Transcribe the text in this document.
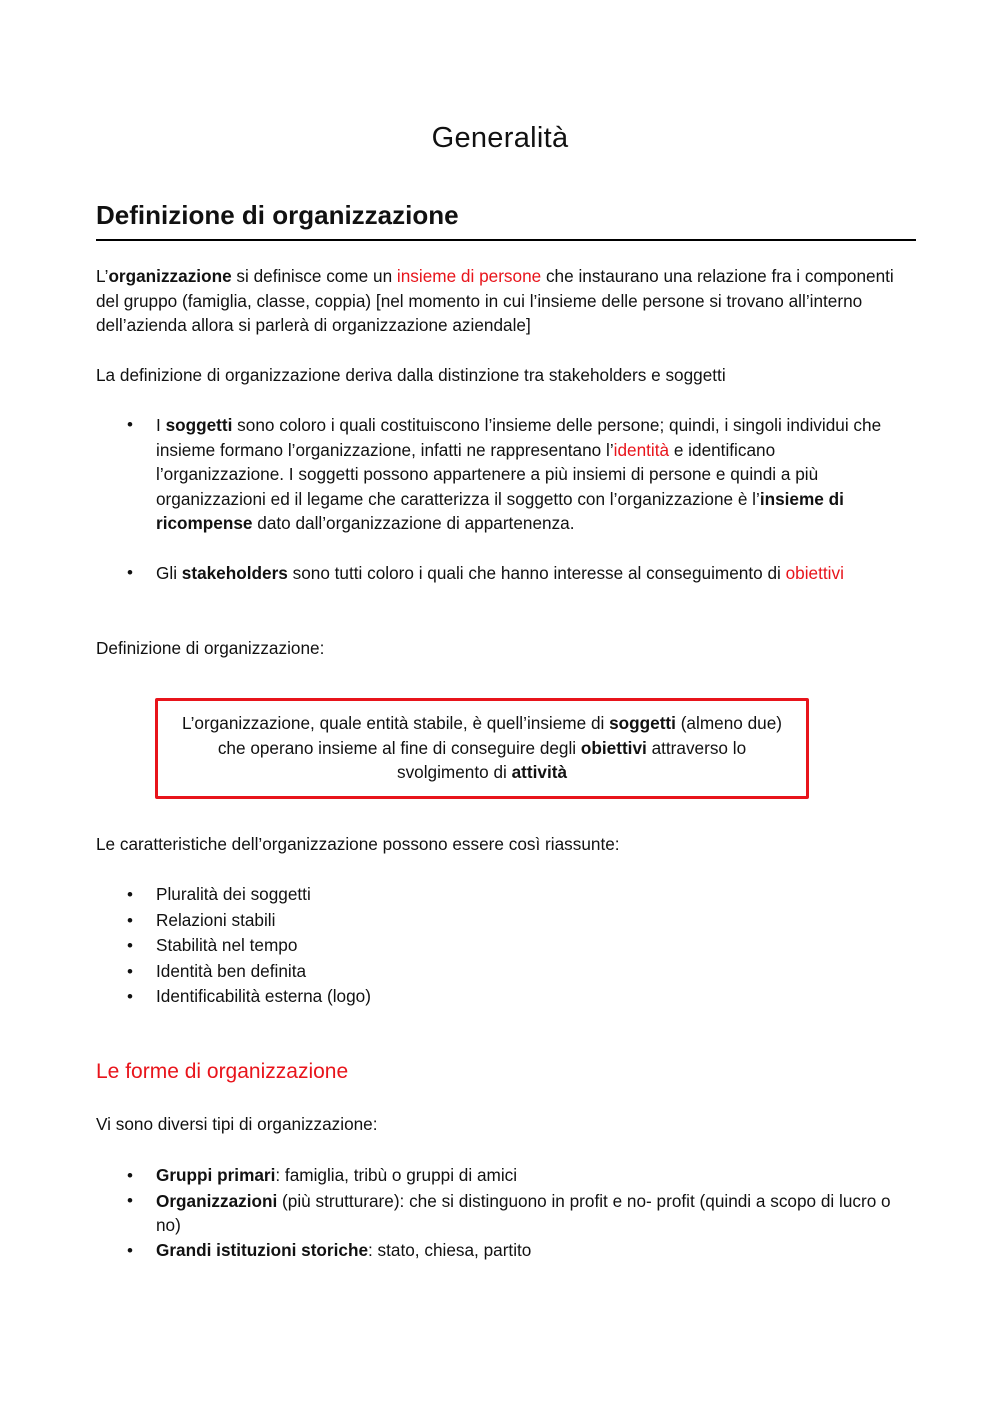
Generalità
Definizione di organizzazione

L’organizzazione si definisce come un insieme di persone che instaurano una relazione fra i componenti del gruppo (famiglia, classe, coppia) [nel momento in cui l’insieme delle persone si trovano all’interno dell’azienda allora si parlerà di organizzazione aziendale]

La definizione di organizzazione deriva dalla distinzione tra stakeholders e soggetti

• I soggetti sono coloro i quali costituiscono l’insieme delle persone; quindi, i singoli individui che insieme formano l’organizzazione, infatti ne rappresentano l’identità e identificano l’organizzazione. I soggetti possono appartenere a più insiemi di persone e quindi a più organizzazioni ed il legame che caratterizza il soggetto con l’organizzazione è l’insieme di ricompense dato dall’organizzazione di appartenenza.
• Gli stakeholders sono tutti coloro i quali che hanno interesse al conseguimento di obiettivi

Definizione di organizzazione:

L’organizzazione, quale entità stabile, è quell’insieme di soggetti (almeno due) che operano insieme al fine di conseguire degli obiettivi attraverso lo svolgimento di attività

Le caratteristiche dell’organizzazione possono essere così riassunte:

• Pluralità dei soggetti
• Relazioni stabili
• Stabilità nel tempo
• Identità ben definita
• Identificabilità esterna (logo)
Le forme di organizzazione

Vi sono diversi tipi di organizzazione:

• Gruppi primari: famiglia, tribù o gruppi di amici
• Organizzazioni (più strutturare): che si distinguono in profit e no- profit (quindi a scopo di lucro o no)
• Grandi istituzioni storiche: stato, chiesa, partito
